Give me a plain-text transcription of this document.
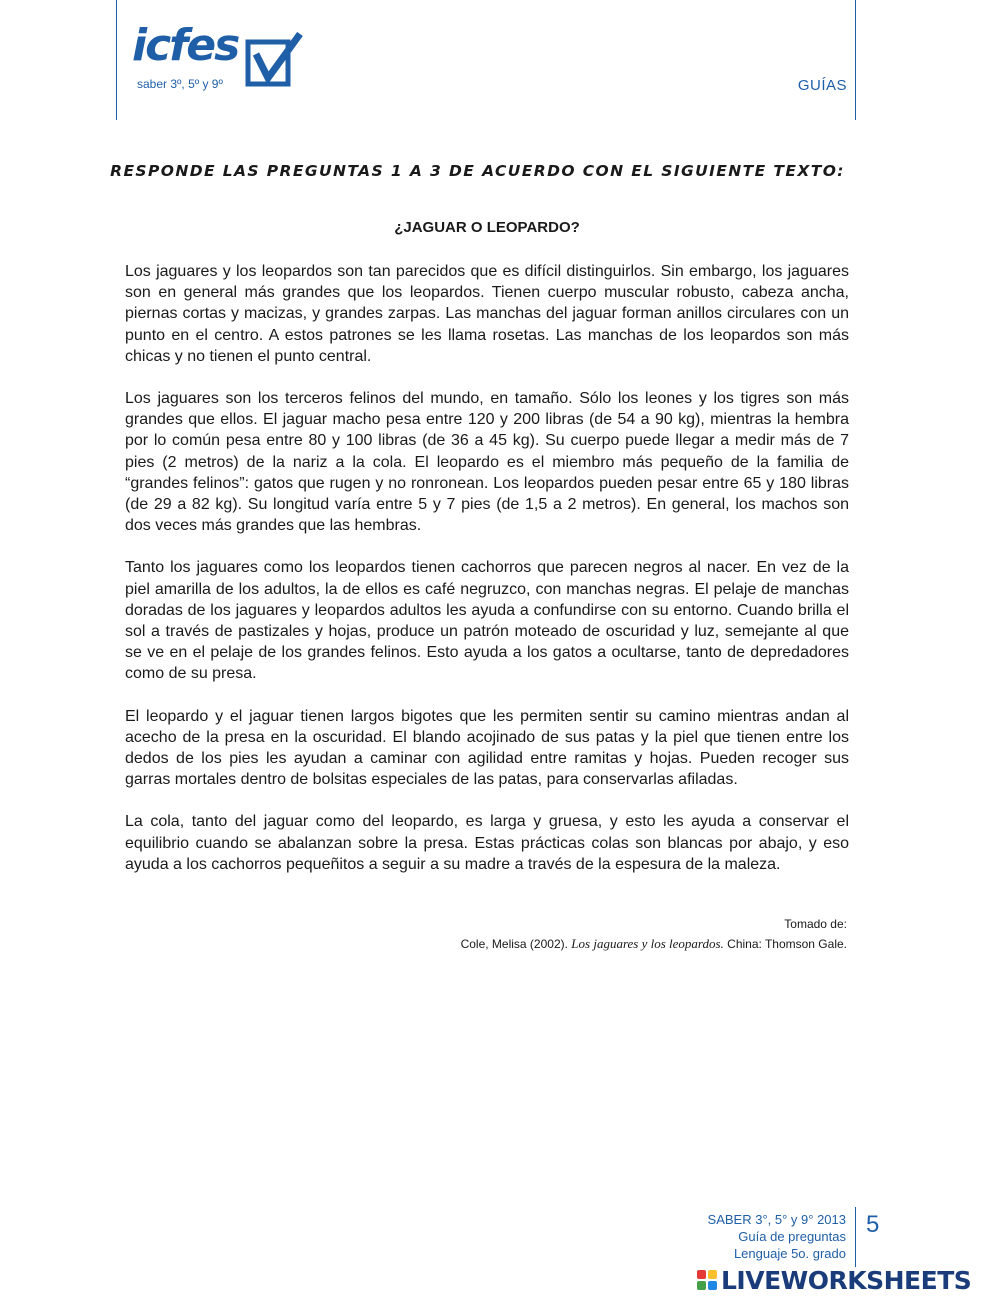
icfes

saber 3º, 5º y 9º	GUÍAS

RESPONDE LAS PREGUNTAS 1 A 3 DE ACUERDO CON EL SIGUIENTE TEXTO:

¿JAGUAR O LEOPARDO?

Los jaguares y los leopardos son tan parecidos que es difícil distinguirlos. Sin embargo, los jaguares son en general más grandes que los leopardos. Tienen cuerpo muscular robusto, cabeza ancha, piernas cortas y macizas, y grandes zarpas. Las manchas del jaguar forman anillos circulares con un punto en el centro. A estos patrones se les llama rosetas. Las manchas de los leopardos son más chicas y no tienen el punto central.

Los jaguares son los terceros felinos del mundo, en tamaño. Sólo los leones y los tigres son más grandes que ellos. El jaguar macho pesa entre 120 y 200 libras (de 54 a 90 kg), mientras la hembra por lo común pesa entre 80 y 100 libras (de 36 a 45 kg). Su cuerpo puede llegar a medir más de 7 pies (2 metros) de la nariz a la cola. El leopardo es el miembro más pequeño de la familia de “grandes felinos”: gatos que rugen y no ronronean. Los leopardos pueden pesar entre 65 y 180 libras (de 29 a 82 kg). Su longitud varía entre 5 y 7 pies (de 1,5 a 2 metros). En general, los machos son dos veces más grandes que las hembras.

Tanto los jaguares como los leopardos tienen cachorros que parecen negros al nacer. En vez de la piel amarilla de los adultos, la de ellos es café negruzco, con manchas negras. El pelaje de manchas doradas de los jaguares y leopardos adultos les ayuda a confundirse con su entorno. Cuando brilla el sol a través de pastizales y hojas, produce un patrón moteado de oscuridad y luz, semejante al que se ve en el pelaje de los grandes felinos. Esto ayuda a los gatos a ocultarse, tanto de depredadores como de su presa.

El leopardo y el jaguar tienen largos bigotes que les permiten sentir su camino mientras andan al acecho de la presa en la oscuridad. El blando acojinado de sus patas y la piel que tienen entre los dedos de los pies les ayudan a caminar con agilidad entre ramitas y hojas. Pueden recoger sus garras mortales dentro de bolsitas especiales de las patas, para conservarlas afiladas.

La cola, tanto del jaguar como del leopardo, es larga y gruesa, y esto les ayuda a conservar el equilibrio cuando se abalanzan sobre la presa. Estas prácticas colas son blancas por abajo, y eso ayuda a los cachorros pequeñitos a seguir a su madre a través de la espesura de la maleza.

Tomado de:
Cole, Melisa (2002). Los jaguares y los leopardos. China: Thomson Gale.
SABER 3°, 5° y 9° 2013
Guía de preguntas
Lenguaje 5o. grado
5
LIVEWORKSHEETS
